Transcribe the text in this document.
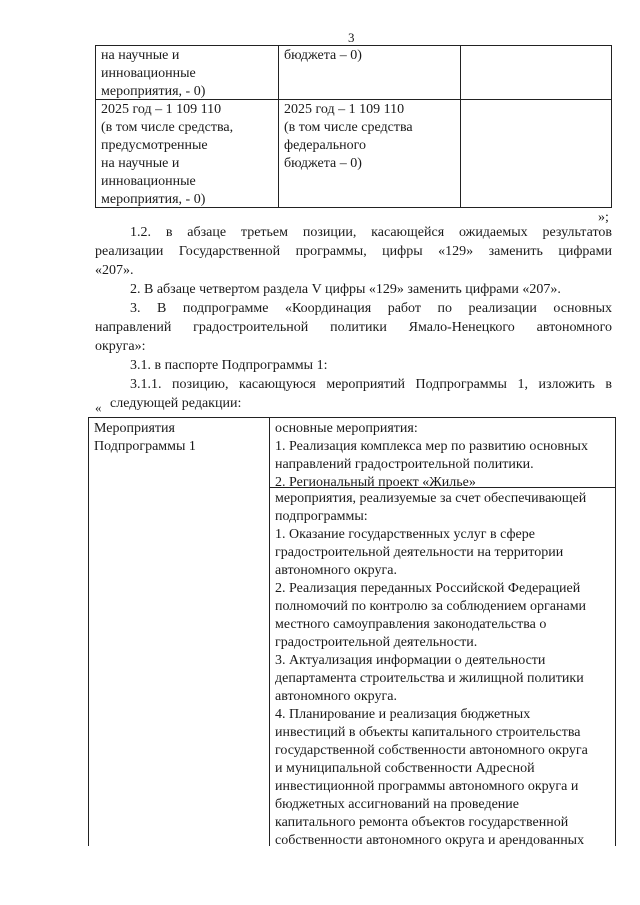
3
на научные и
инновационные
мероприятия, - 0)
бюджета – 0)
2025 год – 1 109 110
(в том числе средства,
предусмотренные
на научные и
инновационные
мероприятия, - 0)
2025 год – 1 109 110
(в том числе средства
федерального
бюджета – 0)
»;
1.2. в абзаце третьем позиции, касающейся ожидаемых результатов
реализации Государственной программы, цифры «129» заменить цифрами
«207».
2. В абзаце четвертом раздела V цифры «129» заменить цифрами «207».
3. В подпрограмме «Координация работ по реализации основных
направлений градостроительной политики Ямало-Ненецкого автономного
округа»:
3.1. в паспорте Подпрограммы 1:
3.1.1. позицию, касающуюся мероприятий Подпрограммы 1, изложить в
следующей редакции:
«
Мероприятия
Подпрограммы 1
основные мероприятия:
1. Реализация комплекса мер по развитию основных
направлений градостроительной политики.
2. Региональный проект «Жилье»
мероприятия, реализуемые за счет обеспечивающей
подпрограммы:
1. Оказание государственных услуг в сфере
градостроительной деятельности на территории
автономного округа.
2. Реализация переданных Российской Федерацией
полномочий по контролю за соблюдением органами
местного самоуправления законодательства о
градостроительной деятельности.
3. Актуализация информации о деятельности
департамента строительства и жилищной политики
автономного округа.
4. Планирование и реализация бюджетных
инвестиций в объекты капитального строительства
государственной собственности автономного округа
и муниципальной собственности Адресной
инвестиционной программы автономного округа и
бюджетных ассигнований на проведение
капитального ремонта объектов государственной
собственности автономного округа и арендованных
